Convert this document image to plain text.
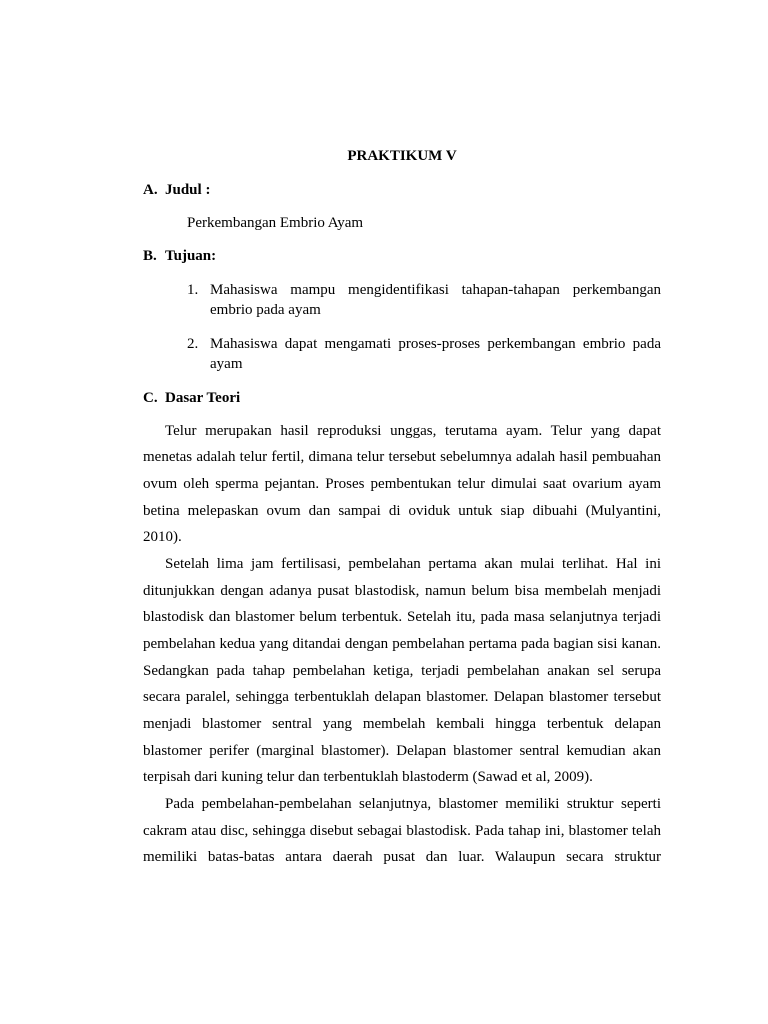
PRAKTIKUM V
A. Judul :
Perkembangan Embrio Ayam
B. Tujuan:
1. Mahasiswa mampu mengidentifikasi tahapan-tahapan perkembangan
embrio pada ayam
2. Mahasiswa dapat mengamati proses-proses perkembangan embrio pada
ayam
C. Dasar Teori
Telur merupakan hasil reproduksi unggas, terutama ayam. Telur yang dapat
menetas adalah telur fertil, dimana telur tersebut sebelumnya adalah hasil pembuahan
ovum oleh sperma pejantan. Proses pembentukan telur dimulai saat ovarium ayam
betina melepaskan ovum dan sampai di oviduk untuk siap dibuahi (Mulyantini,
2010).
Setelah lima jam fertilisasi, pembelahan pertama akan mulai terlihat. Hal ini
ditunjukkan dengan adanya pusat blastodisk, namun belum bisa membelah menjadi
blastodisk dan blastomer belum terbentuk. Setelah itu, pada masa selanjutnya terjadi
pembelahan kedua yang ditandai dengan pembelahan pertama pada bagian sisi kanan.
Sedangkan pada tahap pembelahan ketiga, terjadi pembelahan anakan sel serupa
secara paralel, sehingga terbentuklah delapan blastomer. Delapan blastomer tersebut
menjadi blastomer sentral yang membelah kembali hingga terbentuk delapan
blastomer perifer (marginal blastomer). Delapan blastomer sentral kemudian akan
terpisah dari kuning telur dan terbentuklah blastoderm (Sawad et al, 2009).
Pada pembelahan-pembelahan selanjutnya, blastomer memiliki struktur seperti
cakram atau disc, sehingga disebut sebagai blastodisk. Pada tahap ini, blastomer telah
memiliki batas-batas antara daerah pusat dan luar. Walaupun secara struktur
